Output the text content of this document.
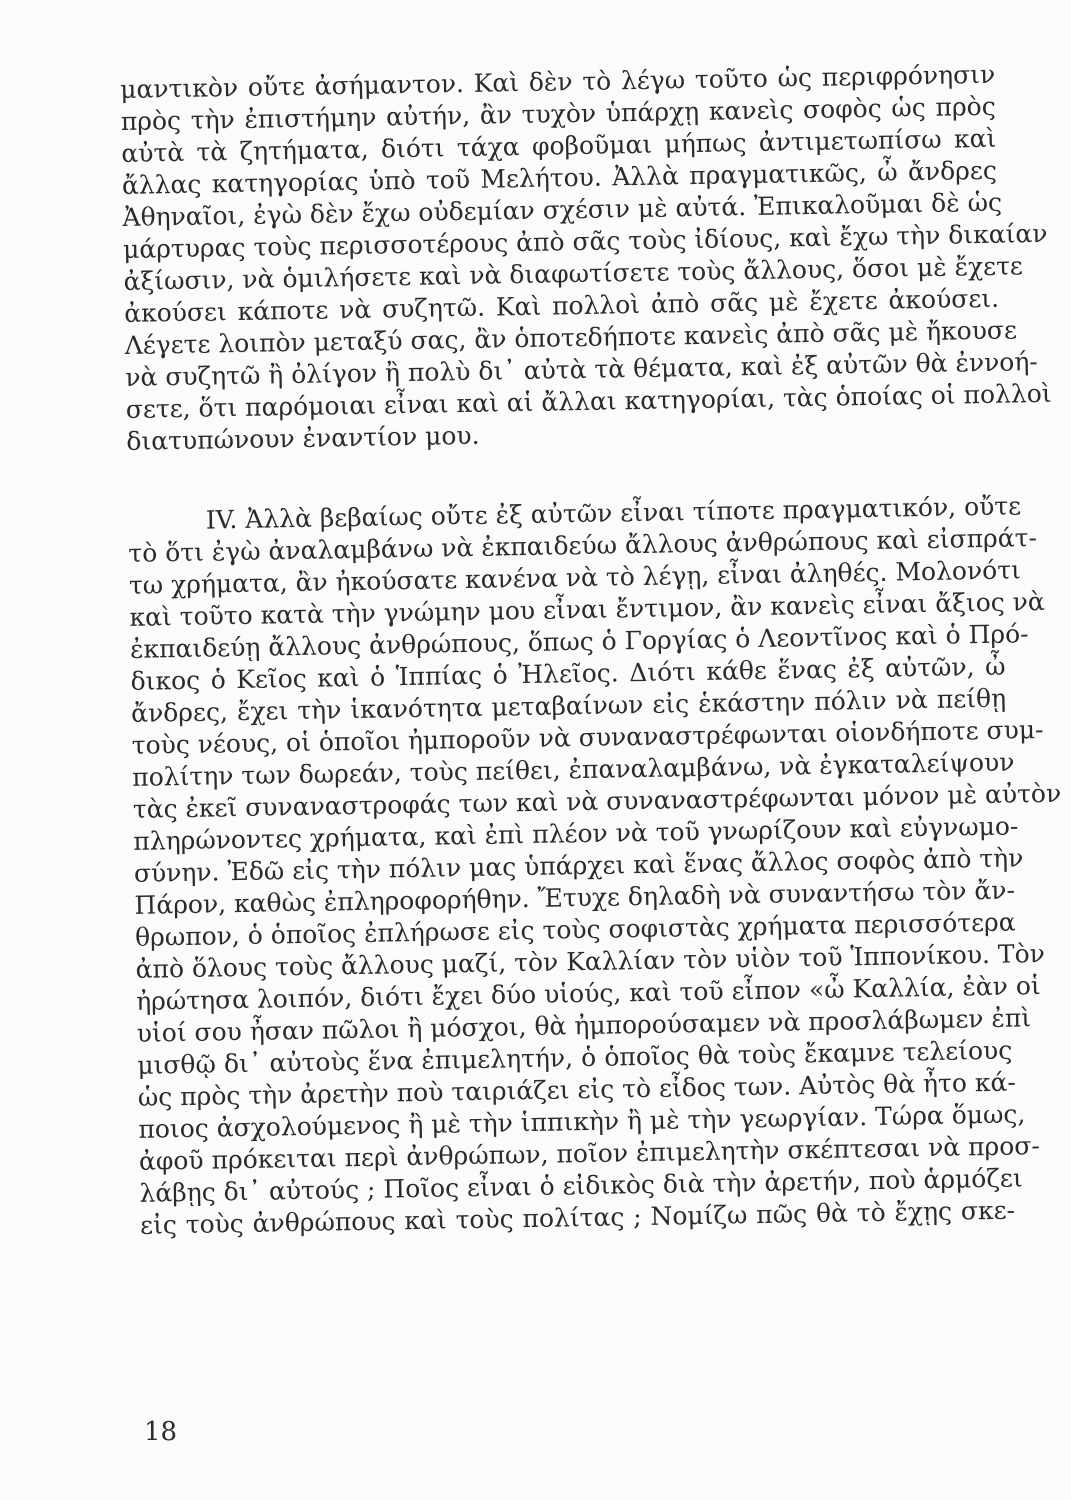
μαντικὸν οὔτε ἀσήμαντον. Καὶ δὲν τὸ λέγω τοῦτο ὡς περιφρόνησιν
πρὸς τὴν ἐπιστήμην αὐτήν, ἂν τυχὸν ὑπάρχῃ κανεὶς σοφὸς ὡς πρὸς
αὐτὰ τὰ ζητήματα, διότι τάχα φοβοῦμαι μήπως ἀντιμετωπίσω καὶ
ἄλλας κατηγορίας ὑπὸ τοῦ Μελήτου. Ἀλλὰ πραγματικῶς, ὦ ἄνδρες
Ἀθηναῖοι, ἐγὼ δὲν ἔχω οὐδεμίαν σχέσιν μὲ αὐτά. Ἐπικαλοῦμαι δὲ ὡς
μάρτυρας τοὺς περισσοτέρους ἀπὸ σᾶς τοὺς ἰδίους, καὶ ἔχω τὴν δικαίαν
ἀξίωσιν, νὰ ὁμιλήσετε καὶ νὰ διαφωτίσετε τοὺς ἄλλους, ὅσοι μὲ ἔχετε
ἀκούσει κάποτε νὰ συζητῶ. Καὶ πολλοὶ ἀπὸ σᾶς μὲ ἔχετε ἀκούσει.
Λέγετε λοιπὸν μεταξύ σας, ἂν ὁποτεδήποτε κανεὶς ἀπὸ σᾶς μὲ ἤκουσε
νὰ συζητῶ ἢ ὀλίγον ἢ πολὺ δι᾽ αὐτὰ τὰ θέματα, καὶ ἐξ αὐτῶν θὰ ἐννοή-
σετε, ὅτι παρόμοιαι εἶναι καὶ αἱ ἄλλαι κατηγορίαι, τὰς ὁποίας οἱ πολλοὶ
διατυπώνουν ἐναντίον μου.
IV. Ἀλλὰ βεβαίως οὔτε ἐξ αὐτῶν εἶναι τίποτε πραγματικόν, οὔτε
τὸ ὅτι ἐγὼ ἀναλαμβάνω νὰ ἐκπαιδεύω ἄλλους ἀνθρώπους καὶ εἰσπράτ-
τω χρήματα, ἂν ἠκούσατε κανένα νὰ τὸ λέγῃ, εἶναι ἀληθές. Μολονότι
καὶ τοῦτο κατὰ τὴν γνώμην μου εἶναι ἔντιμον, ἂν κανεὶς εἶναι ἄξιος νὰ
ἐκπαιδεύῃ ἄλλους ἀνθρώπους, ὅπως ὁ Γοργίας ὁ Λεοντῖνος καὶ ὁ Πρό-
δικος ὁ Κεῖος καὶ ὁ Ἱππίας ὁ Ἠλεῖος. Διότι κάθε ἕνας ἐξ αὐτῶν, ὦ
ἄνδρες, ἔχει τὴν ἱκανότητα μεταβαίνων εἰς ἑκάστην πόλιν νὰ πείθῃ
τοὺς νέους, οἱ ὁποῖοι ἠμποροῦν νὰ συναναστρέφωνται οἱονδήποτε συμ-
πολίτην των δωρεάν, τοὺς πείθει, ἐπαναλαμβάνω, νὰ ἐγκαταλείψουν
τὰς ἐκεῖ συναναστροφάς των καὶ νὰ συναναστρέφωνται μόνον μὲ αὐτὸν
πληρώνοντες χρήματα, καὶ ἐπὶ πλέον νὰ τοῦ γνωρίζουν καὶ εὐγνωμο-
σύνην. Ἐδῶ εἰς τὴν πόλιν μας ὑπάρχει καὶ ἕνας ἄλλος σοφὸς ἀπὸ τὴν
Πάρον, καθὼς ἐπληροφορήθην. Ἔτυχε δηλαδὴ νὰ συναντήσω τὸν ἄν-
θρωπον, ὁ ὁποῖος ἐπλήρωσε εἰς τοὺς σοφιστὰς χρήματα περισσότερα
ἀπὸ ὅλους τοὺς ἄλλους μαζί, τὸν Καλλίαν τὸν υἱὸν τοῦ Ἱππονίκου. Τὸν
ἠρώτησα λοιπόν, διότι ἔχει δύο υἱούς, καὶ τοῦ εἶπον «ὦ Καλλία, ἐὰν οἱ
υἱοί σου ἦσαν πῶλοι ἢ μόσχοι, θὰ ἠμπορούσαμεν νὰ προσλάβωμεν ἐπὶ
μισθῷ δι᾽ αὐτοὺς ἕνα ἐπιμελητήν, ὁ ὁποῖος θὰ τοὺς ἔκαμνε τελείους
ὡς πρὸς τὴν ἀρετὴν ποὺ ταιριάζει εἰς τὸ εἶδος των. Αὐτὸς θὰ ἦτο κά-
ποιος ἀσχολούμενος ἢ μὲ τὴν ἱππικὴν ἢ μὲ τὴν γεωργίαν. Τώρα ὅμως,
ἀφοῦ πρόκειται περὶ ἀνθρώπων, ποῖον ἐπιμελητὴν σκέπτεσαι νὰ προσ-
λάβῃς δι᾽ αὐτούς ; Ποῖος εἶναι ὁ εἰδικὸς διὰ τὴν ἀρετήν, ποὺ ἁρμόζει
εἰς τοὺς ἀνθρώπους καὶ τοὺς πολίτας ; Νομίζω πῶς θὰ τὸ ἔχῃς σκε-
18
